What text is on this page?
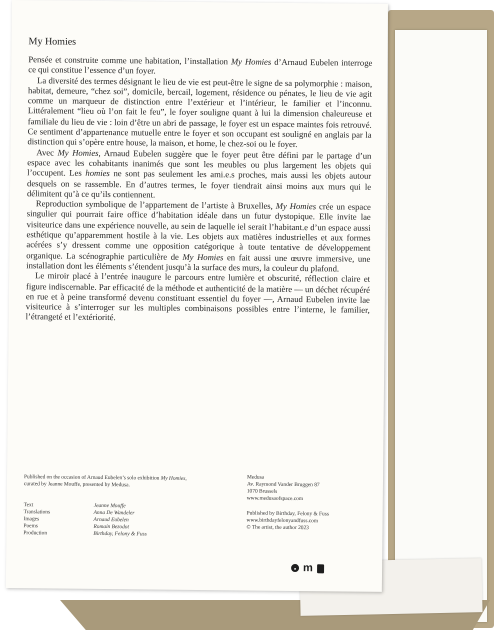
My Homies

Pensée et construite comme une habitation, l’installation My Homies d’Arnaud Eubelen interroge ce qui constitue l’essence d’un foyer.

La diversité des termes désignant le lieu de vie est peut-être le signe de sa polymorphie : maison, habitat, demeure, “chez soi”, domicile, bercail, logement, résidence ou pénates, le lieu de vie agit comme un marqueur de distinction entre l’extérieur et l’intérieur, le familier et l’inconnu. Littéralement “lieu où l’on fait le feu”, le foyer souligne quant à lui la dimension chaleureuse et familiale du lieu de vie : loin d’être un abri de passage, le foyer est un espace maintes fois retrouvé. Ce sentiment d’appartenance mutuelle entre le foyer et son occupant est souligné en anglais par la distinction qui s’opère entre house, la maison, et home, le chez-soi ou le foyer.

Avec My Homies, Arnaud Eubelen suggère que le foyer peut être défini par le partage d’un espace avec les cohabitants inanimés que sont les meubles ou plus largement les objets qui l’occupent. Les homies ne sont pas seulement les ami.e.s proches, mais aussi les objets autour desquels on se rassemble. En d’autres termes, le foyer tiendrait ainsi moins aux murs qui le délimitent qu’à ce qu’ils contiennent.

Reproduction symbolique de l’appartement de l’artiste à Bruxelles, My Homies crée un espace singulier qui pourrait faire office d’habitation idéale dans un futur dystopique. Elle invite lae visiteurice dans une expérience nouvelle, au sein de laquelle iel serait l’habitant.e d’un espace aussi esthétique qu’apparemment hostile à la vie. Les objets aux matières industrielles et aux formes acérées s’y dressent comme une opposition catégorique à toute tentative de développement organique. La scénographie particulière de My Homies en fait aussi une œuvre immersive, une installation dont les éléments s’étendent jusqu’à la surface des murs, la couleur du plafond.

Le miroir placé à l’entrée inaugure le parcours entre lumière et obscurité, réflection claire et figure indiscernable. Par efficacité de la méthode et authenticité de la matière — un déchet récupéré en rue et à peine transformé devenu constituant essentiel du foyer —, Arnaud Eubelen invite lae visiteurice à s’interroger sur les multiples combinaisons possibles entre l’interne, le familier, l’étrangeté et l’extériorité.

Published on the occasion of Arnaud Eubelen’s solo exhibition My Homies,
curated by Jeanne Mouffe, presented by Medusa.
Text	Jeanne Mouffe
Translations	Anna De Wandeler
Images	Arnaud Eubelen
Poems	Romain Bezodot
Production	Birthday, Felony & Fuss
Medusa
Av. Raymond Vander Bruggen 87
1070 Brussels
www.medusaofspace.com
Published by Birthday, Felony & Fuss
www.birthdayfelonyandfuss.com
© The artist, the author 2023
● m
